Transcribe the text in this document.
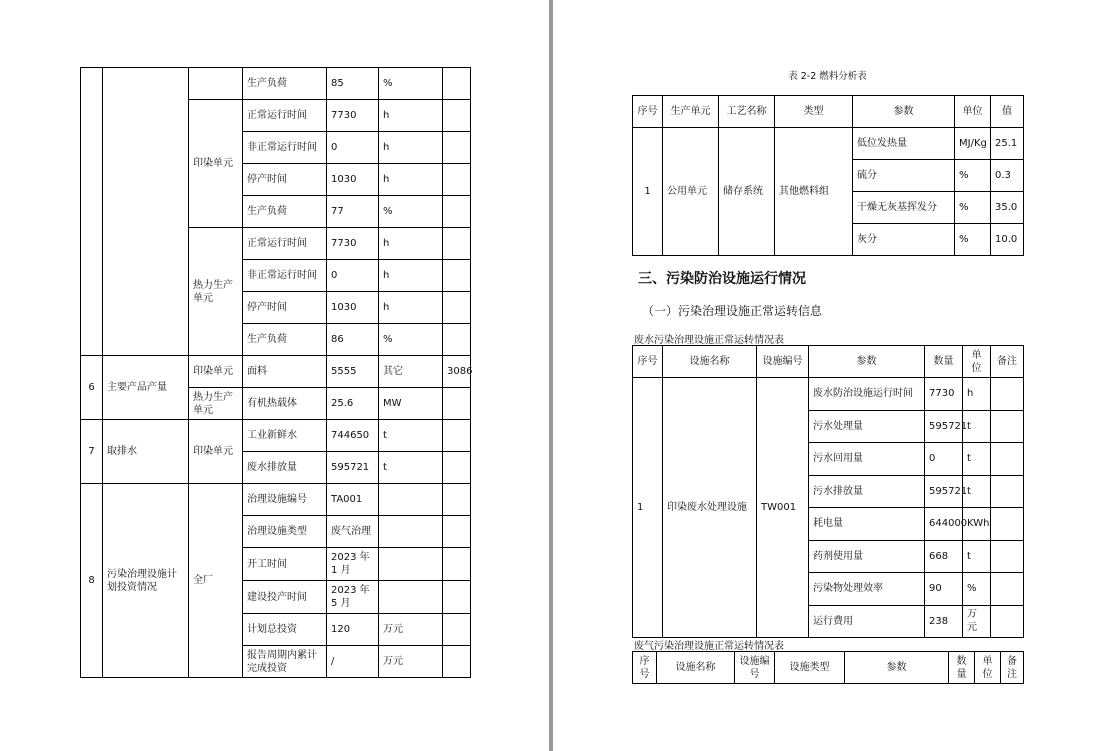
			生产负荷	85	%	
		印染单元	正常运行时间	7730	h	
			非正常运行时间	0	h	
			停产时间	1030	h	
			生产负荷	77	%	
		热力生产单元	正常运行时间	7730	h	
			非正常运行时间	0	h	
			停产时间	1030	h	
			生产负荷	86	%	
6	主要产品产量	印染单元	面料	5555	其它	3086
		热力生产单元	有机热载体	25.6	MW	
7	取排水	印染单元	工业新鲜水	744650	t	
			废水排放量	595721	t	
8	污染治理设施计划投资情况	全厂	治理设施编号	TA001		
			治理设施类型	废气治理		
			开工时间	2023 年 1 月		
			建设投产时间	2023 年 5 月		
			计划总投资	120	万元	
			报告周期内累计完成投资	/	万元	
表 2-2 燃料分析表
序号	生产单元	工艺名称	类型	参数	单位	值
1	公用单元	储存系统	其他燃料组	低位发热量	MJ/Kg	25.1
				硫分	%	0.3
				干燥无灰基挥发分	%	35.0
				灰分	%	10.0
三、污染防治设施运行情况
（一）污染治理设施正常运转信息
废水污染治理设施正常运转情况表
序号	设施名称	设施编号	参数	数量	单位	备注
1	印染废水处理设施	TW001	废水防治设施运行时间	7730	h	
			污水处理量	595721	t	
			污水回用量	0	t	
			污水排放量	595721	t	
			耗电量	644000	KWh	
			药剂使用量	668	t	
			污染物处理效率	90	%	
			运行费用	238	万元	
废气污染治理设施正常运转情况表
序号	设施名称	设施编号	设施类型	参数	数量	单位	备注
